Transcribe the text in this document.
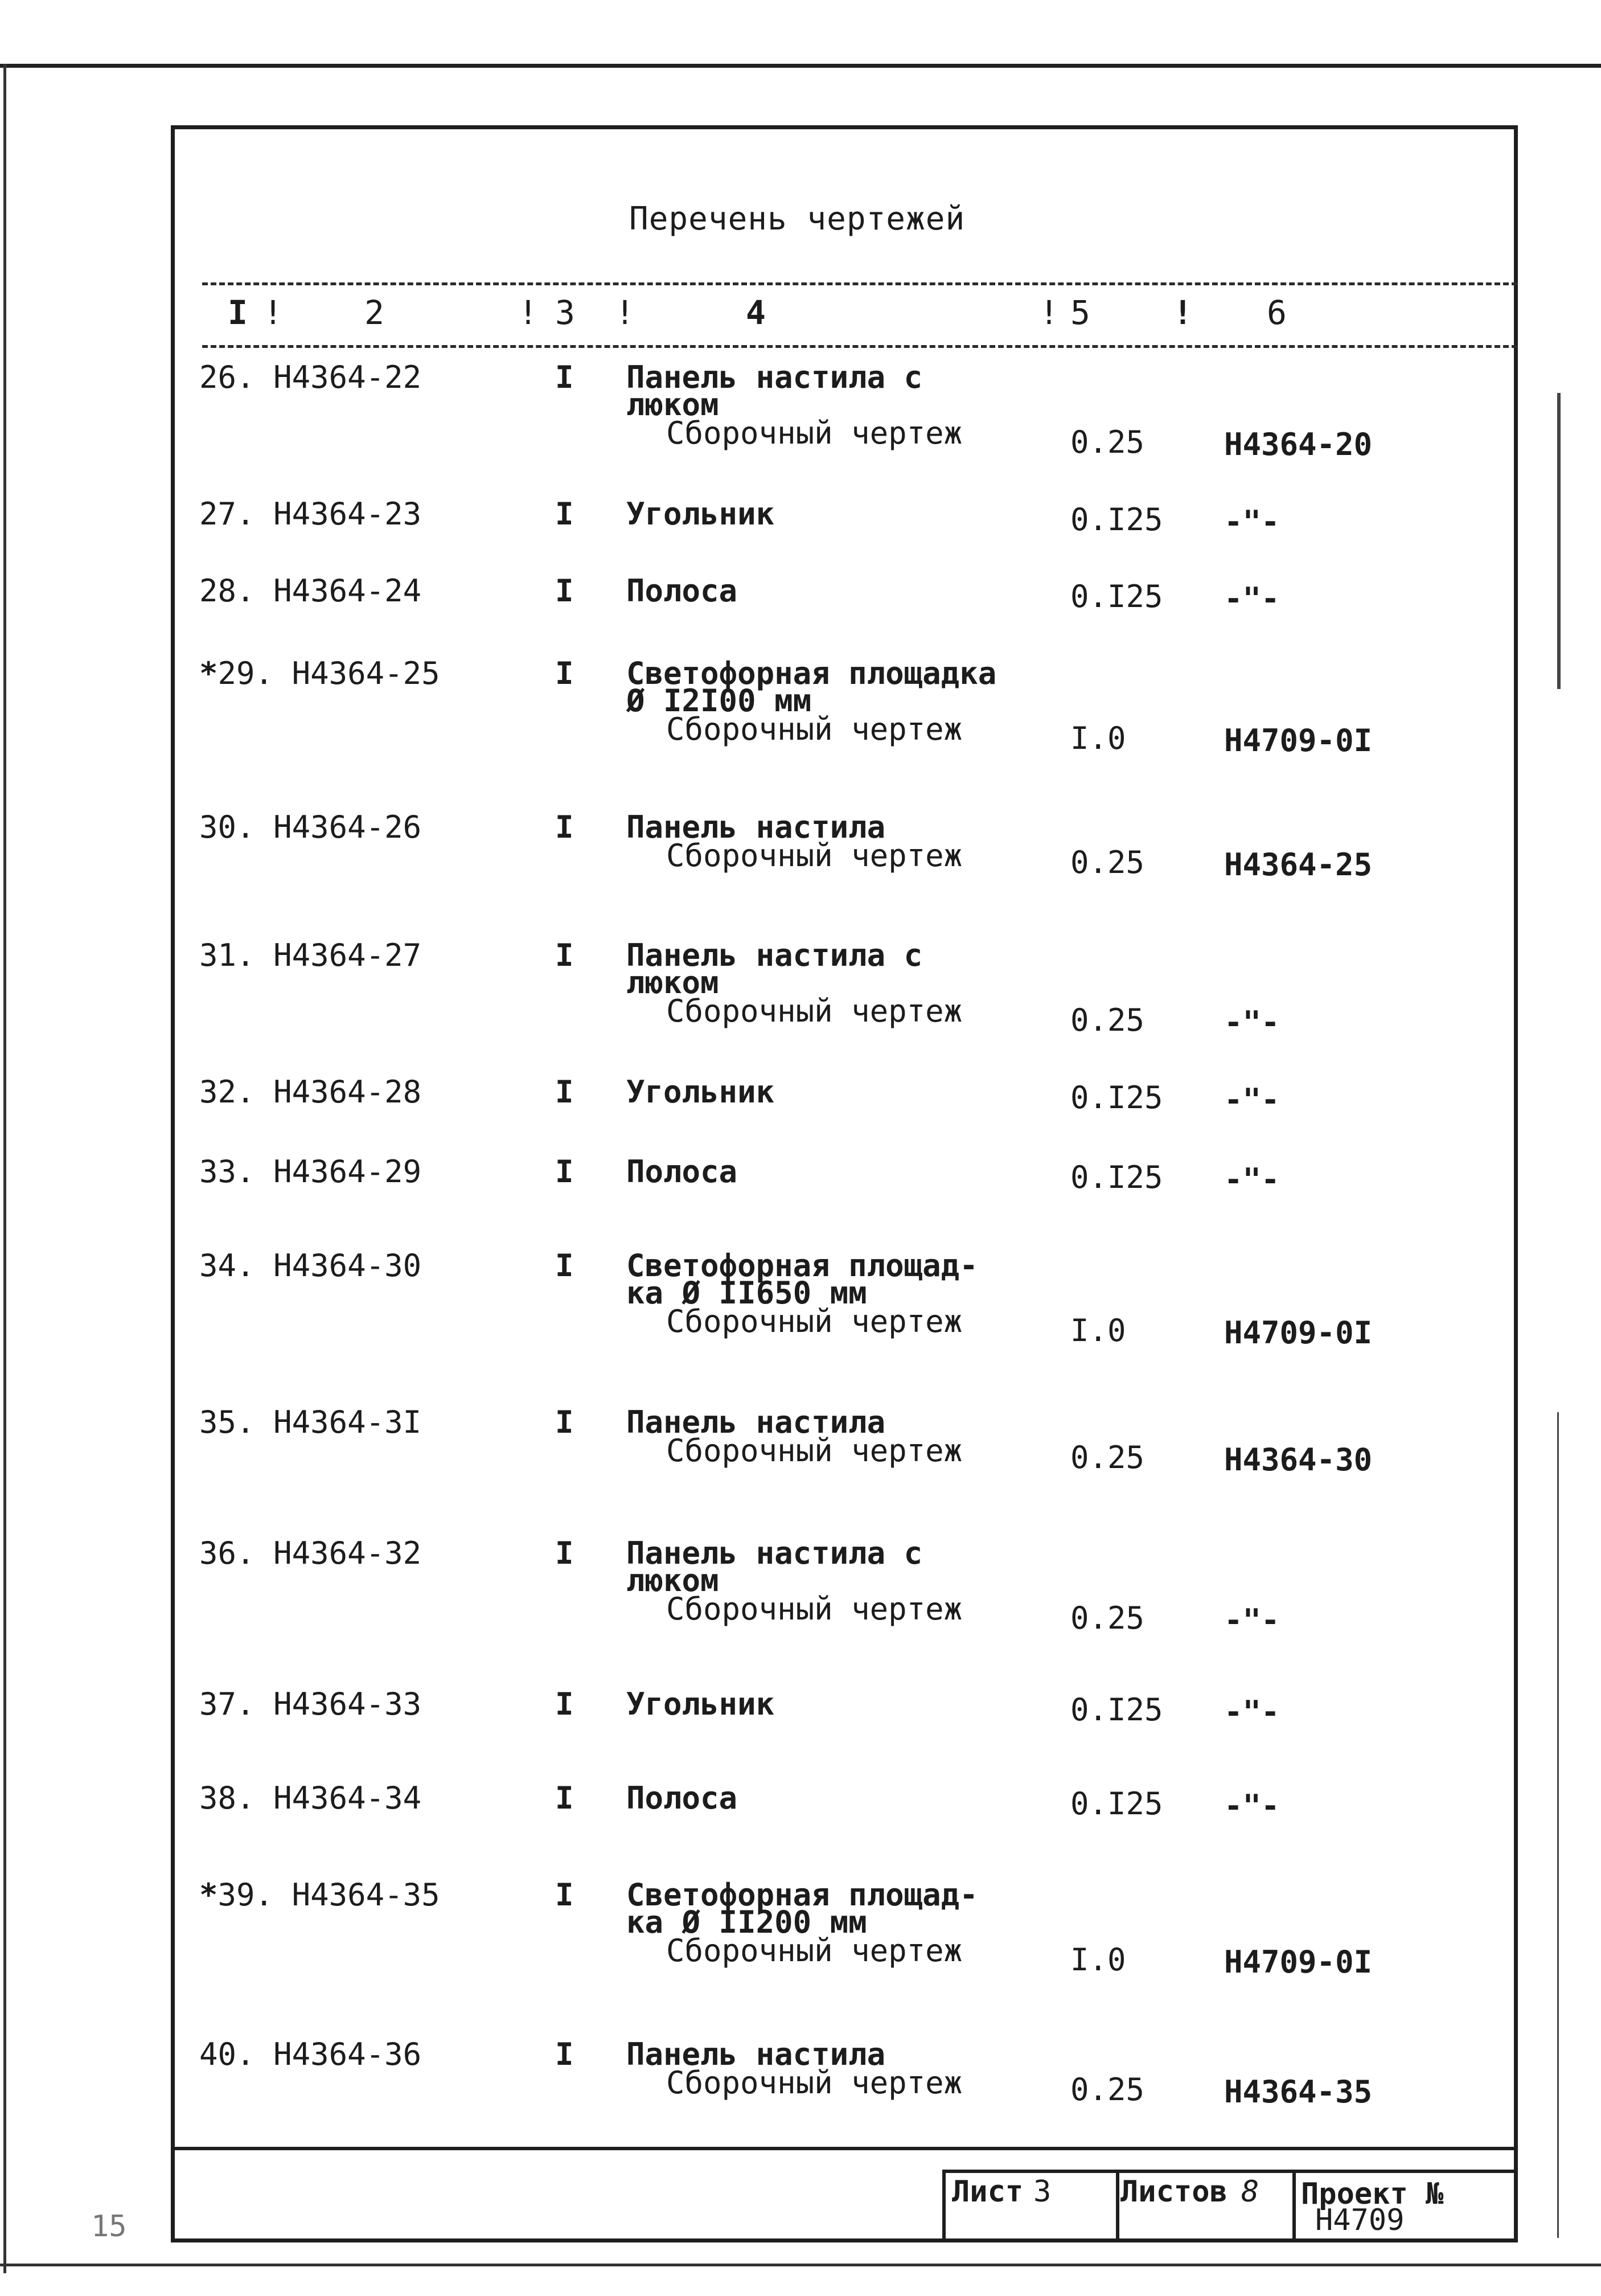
Перечень чертежей
I ! 2	! 3 !	4	! 5	! 6
26. Н4364-22	I Панель настила с
люком
Сборочный чертеж	0.25	Н4364-20
27. Н4364-23	I Угольник	0.I25 -"-
28. Н4364-24	I Полоса	0.I25 -"-
*29. Н4364-25	I Светофорная площадка
Ø I2I00 мм
Сборочный чертеж	I.0	Н4709-0I
30. Н4364-26	I Панель настила
Сборочный чертеж	0.25	Н4364-25
31. Н4364-27	I Панель настила с
люком
Сборочный чертеж	0.25	-"-
32. Н4364-28	I Угольник	0.I25 -"-
33. Н4364-29	I Полоса	0.I25 -"-
34. Н4364-30	I Светофорная площад-
ка Ø II650 мм
Сборочный чертеж	I.0	Н4709-0I
35. Н4364-3I	I Панель настила
Сборочный чертеж	0.25	Н4364-30
36. Н4364-32	I Панель настила с
люком
Сборочный чертеж	0.25	-"-
37. Н4364-33	I Угольник	0.I25 -"-
38. Н4364-34	I Полоса	0.I25 -"-
*39. Н4364-35	I Светофорная площад-
ка Ø II200 мм
Сборочный чертеж	I.0	Н4709-0I
40. Н4364-36	I Панель настила
Сборочный чертеж	0.25	Н4364-35
Лист 3 Листов 8 Проект №
Н4709
15
